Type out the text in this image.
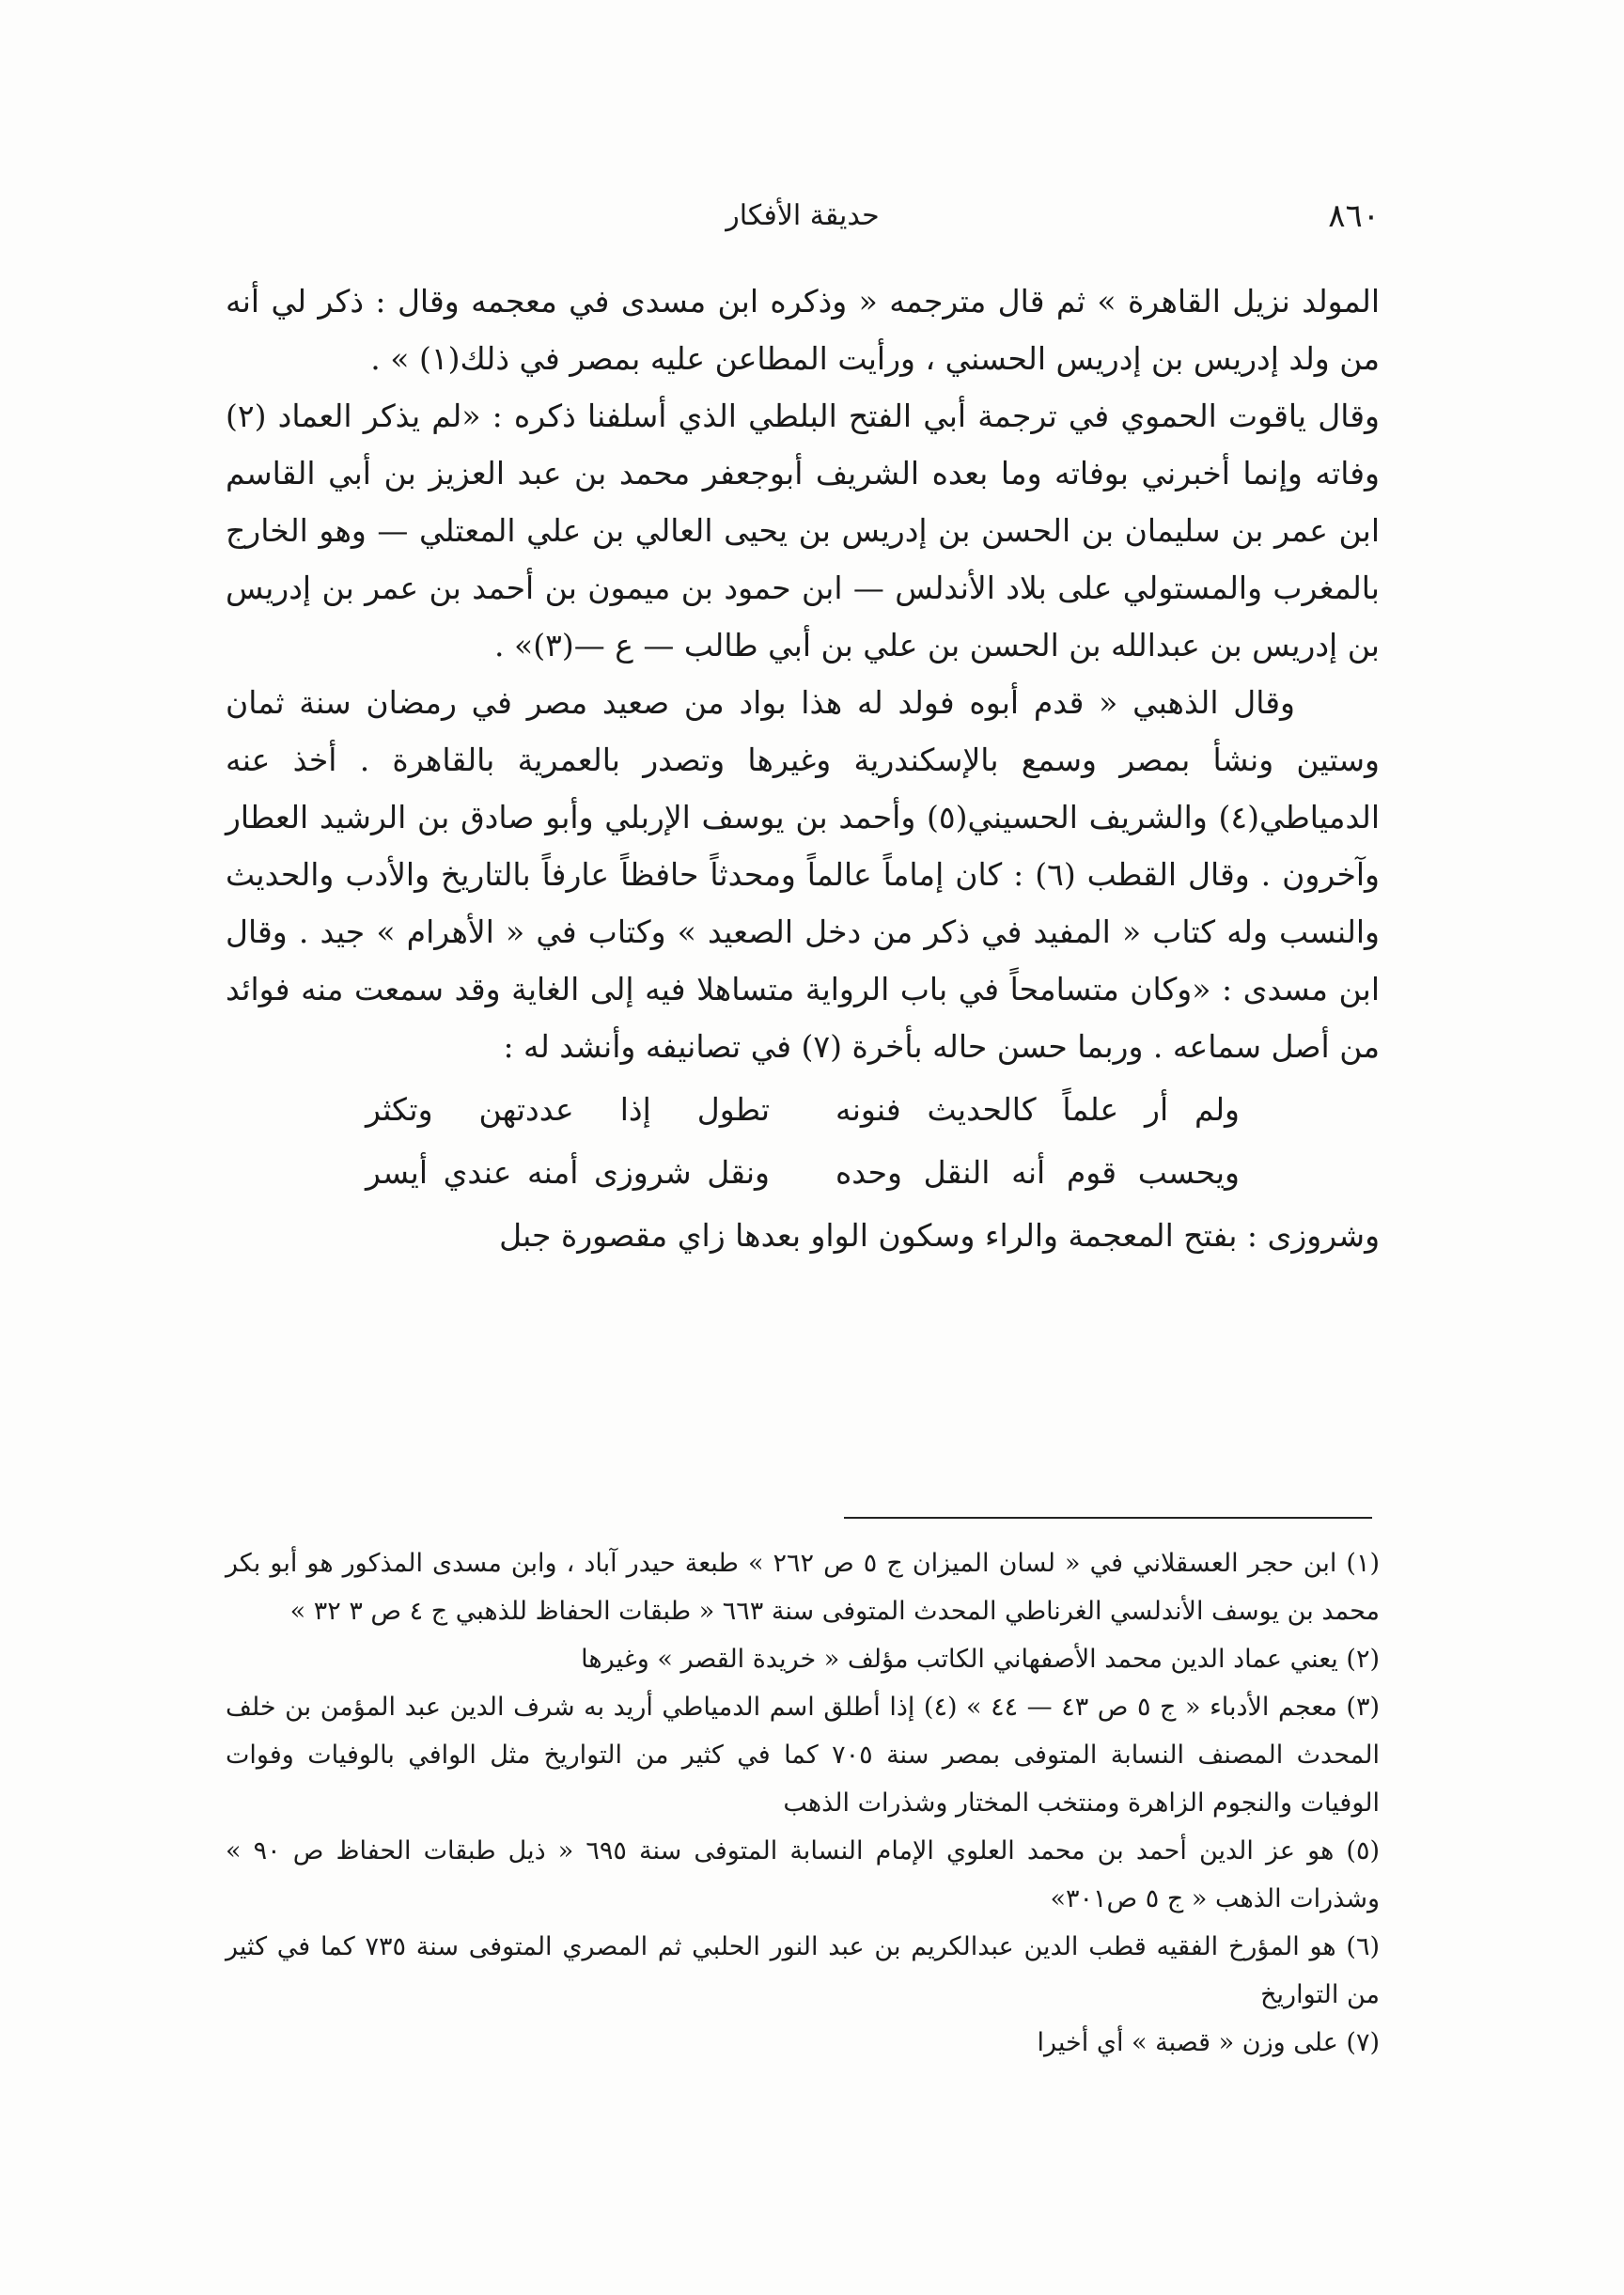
٨٦٠
حديقة الأفكار

المولد نزيل القاهرة » ثم قال مترجمه « وذكره ابن مسدى في معجمه وقال : ذكر لي أنه من ولد إدريس بن إدريس الحسني ، ورأيت المطاعن عليه بمصر في ذلك(١) » .

وقال ياقوت الحموي في ترجمة أبي الفتح البلطي الذي أسلفنا ذكره : «لم يذكر العماد (٢) وفاته وإنما أخبرني بوفاته وما بعده الشريف أبوجعفر محمد بن عبد العزيز بن أبي القاسم ابن عمر بن سليمان بن الحسن بن إدريس بن يحيى العالي بن علي المعتلي — وهو الخارج بالمغرب والمستولي على بلاد الأندلس — ابن حمود بن ميمون بن أحمد بن عمر بن إدريس بن إدريس بن عبدالله بن الحسن بن علي بن أبي طالب — ع —(٣)» .

وقال الذهبي « قدم أبوه فولد له هذا بواد من صعيد مصر في رمضان سنة ثمان وستين ونشأ بمصر وسمع بالإسكندرية وغيرها وتصدر بالعمرية بالقاهرة . أخذ عنه الدمياطي(٤) والشريف الحسيني(٥) وأحمد بن يوسف الإربلي وأبو صادق بن الرشيد العطار وآخرون . وقال القطب (٦) : كان إماماً عالماً ومحدثاً حافظاً عارفاً بالتاريخ والأدب والحديث والنسب وله كتاب « المفيد في ذكر من دخل الصعيد » وكتاب في « الأهرام » جيد . وقال ابن مسدى : «وكان متسامحاً في باب الرواية متساهلا فيه إلى الغاية وقد سمعت منه فوائد من أصل سماعه . وربما حسن حاله بأخرة (٧) في تصانيفه وأنشد له :

ولم أر علماً كالحديث فنونه
تطول إذا عددتهن وتكثر
ويحسب قوم أنه النقل وحده
ونقل شروزى أمنه عندي أيسر

وشروزى : بفتح المعجمة والراء وسكون الواو بعدها زاي مقصورة جبل

(١) ابن حجر العسقلاني في « لسان الميزان ج ٥ ص ٢٦٢ » طبعة حيدر آباد ، وابن مسدى المذكور هو أبو بكر محمد بن يوسف الأندلسي الغرناطي المحدث المتوفى سنة ٦٦٣ « طبقات الحفاظ للذهبي ج ٤ ص ٣ ٣٢ »

(٢) يعني عماد الدين محمد الأصفهاني الكاتب مؤلف « خريدة القصر » وغيرها

(٣) معجم الأدباء « ج ٥ ص ٤٣ — ٤٤ » (٤) إذا أطلق اسم الدمياطي أريد به شرف الدين عبد المؤمن بن خلف المحدث المصنف النسابة المتوفى بمصر سنة ٧٠٥ كما في كثير من التواريخ مثل الوافي بالوفيات وفوات الوفيات والنجوم الزاهرة ومنتخب المختار وشذرات الذهب

(٥) هو عز الدين أحمد بن محمد العلوي الإمام النسابة المتوفى سنة ٦٩٥ « ذيل طبقات الحفاظ ص ٩٠ » وشذرات الذهب « ج ٥ ص٣٠١»

(٦) هو المؤرخ الفقيه قطب الدين عبدالكريم بن عبد النور الحلبي ثم المصري المتوفى سنة ٧٣٥ كما في كثير من التواريخ

(٧) على وزن « قصبة » أي أخيرا
